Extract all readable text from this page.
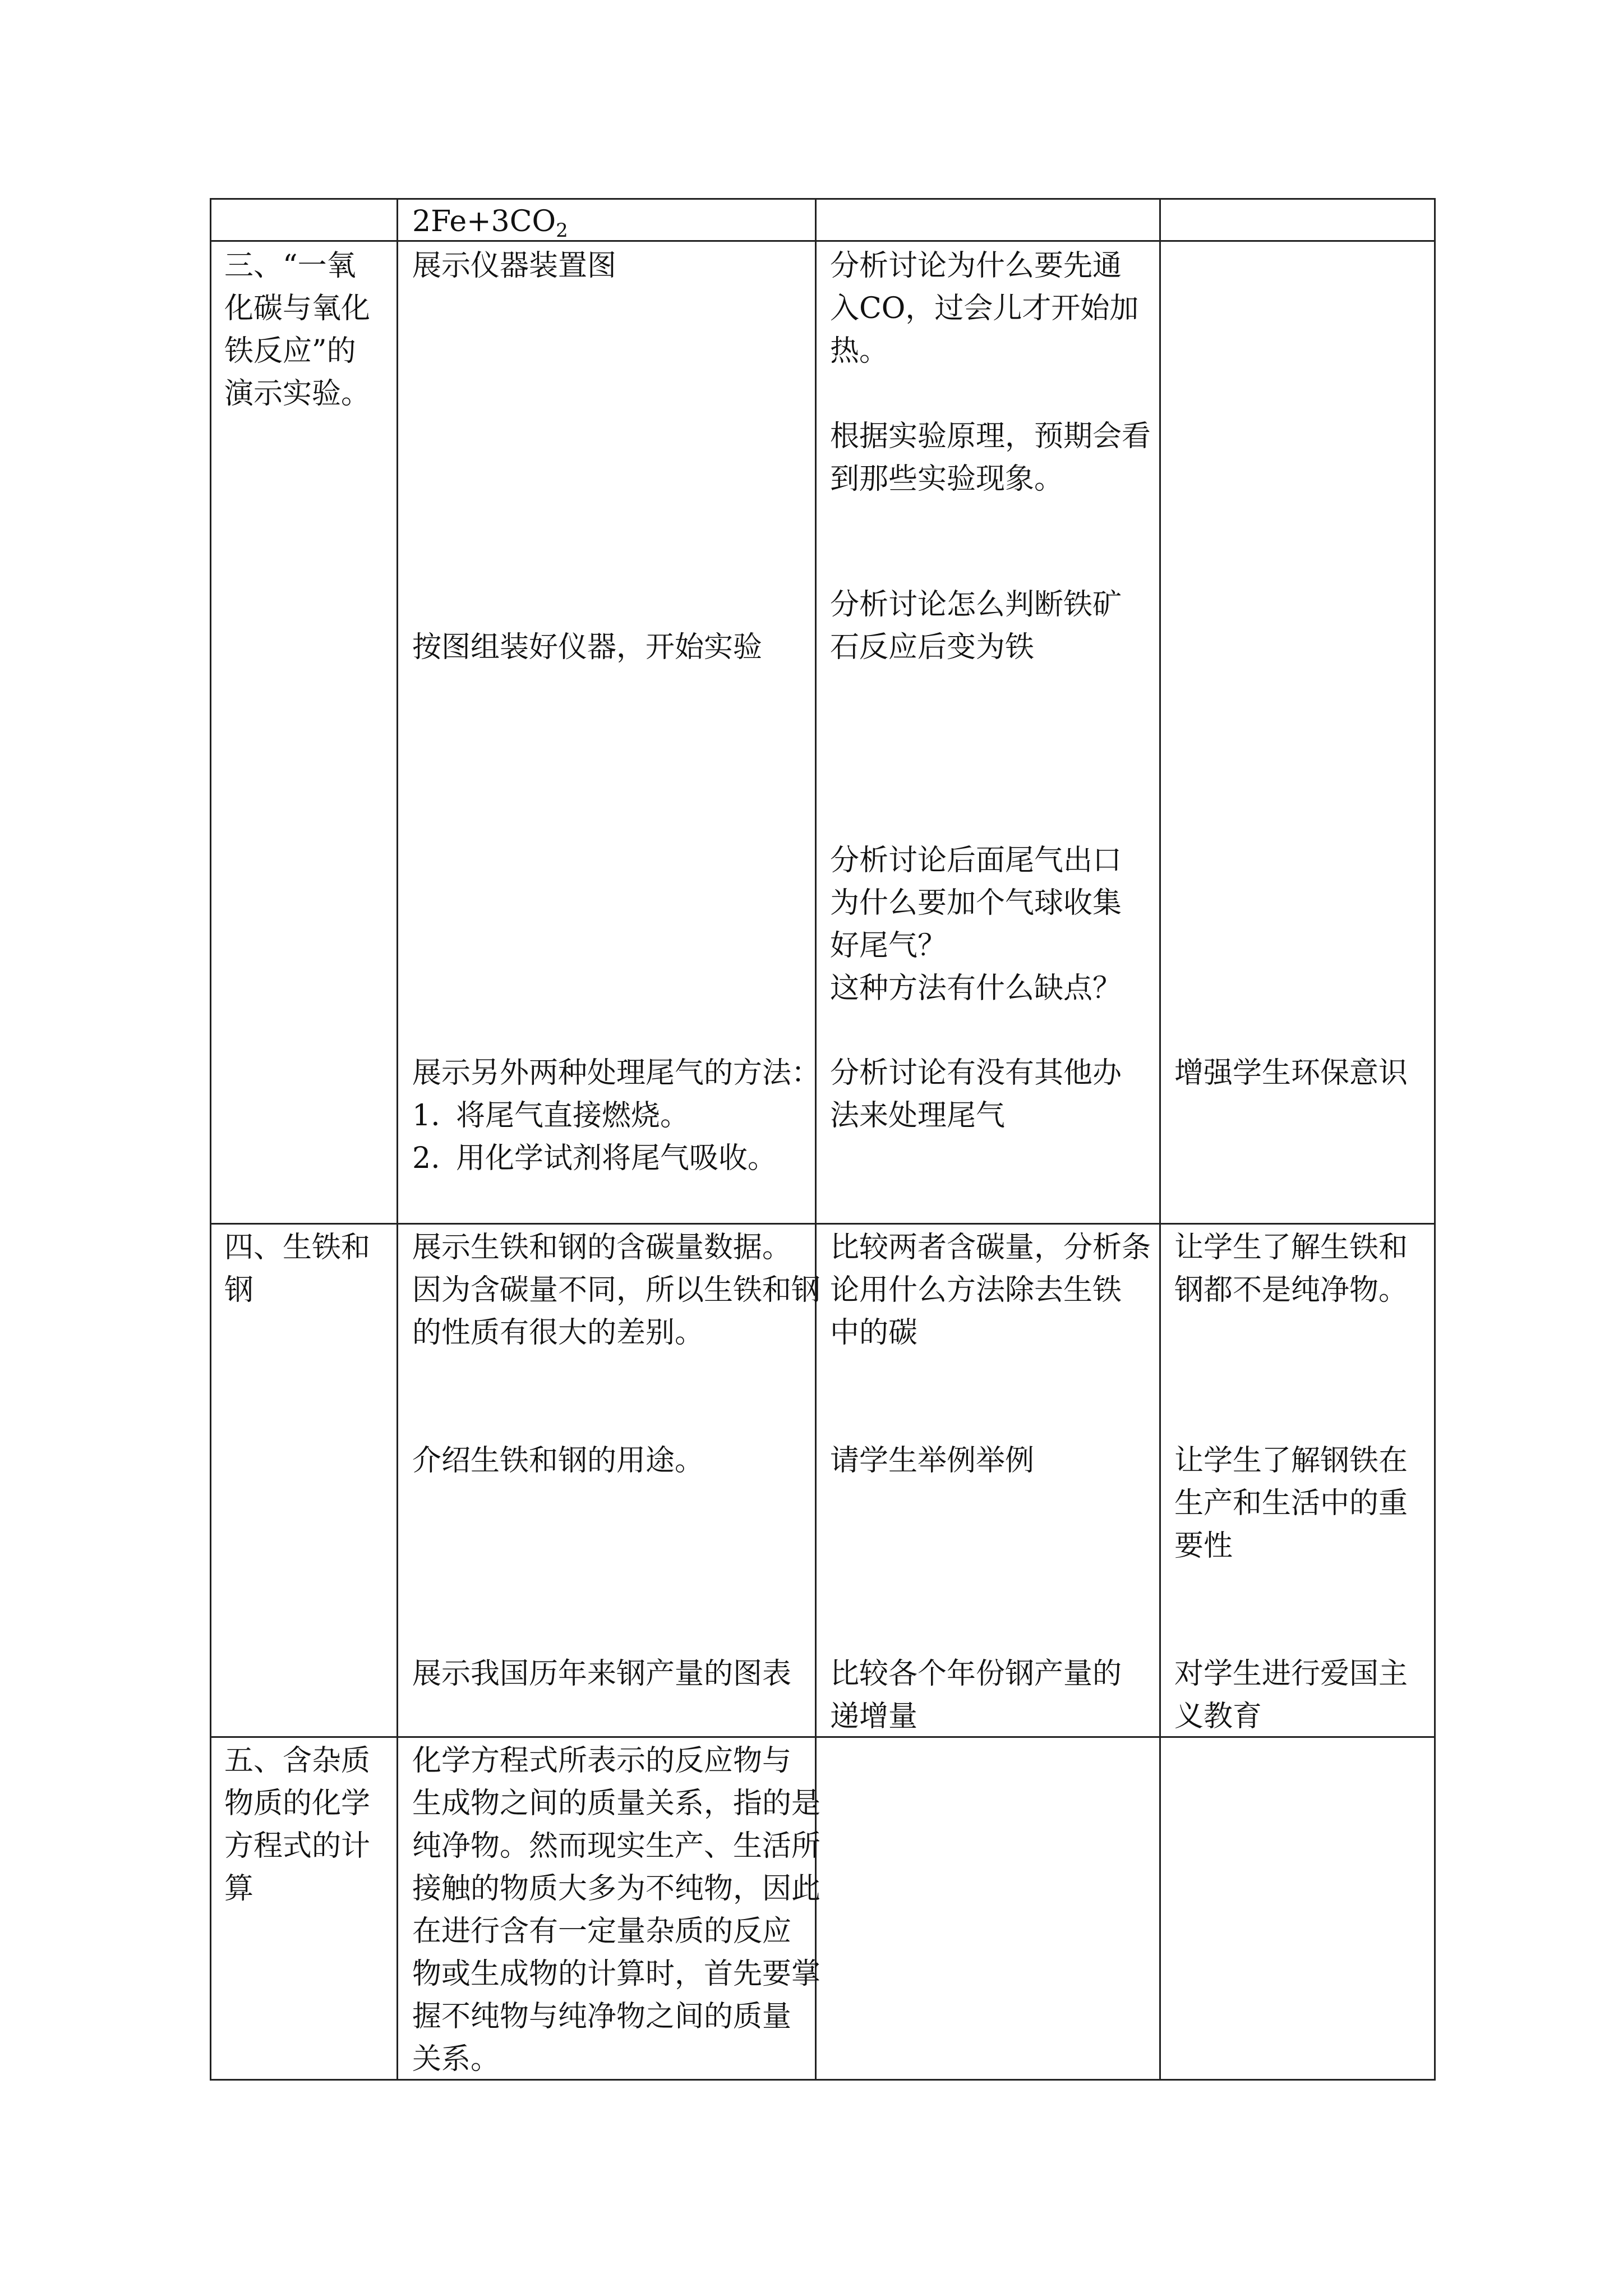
$2Fe+3CO_2$
三、“一氧
化碳与氧化
铁反应”的
演示实验。
展示仪器装置图
按图组装好仪器，开始实验
展示另外两种处理尾气的方法：
1. 将尾气直接燃烧。
2. 用化学试剂将尾气吸收。
分析讨论为什么要先通
入CO，过会儿才开始加
热。
根据实验原理，预期会看
到那些实验现象。
分析讨论怎么判断铁矿
石反应后变为铁
分析讨论后面尾气出口
为什么要加个气球收集
好尾气？
这种方法有什么缺点？
分析讨论有没有其他办
法来处理尾气
增强学生环保意识
四、生铁和
钢
展示生铁和钢的含碳量数据。
因为含碳量不同，所以生铁和钢
的性质有很大的差别。
介绍生铁和钢的用途。
展示我国历年来钢产量的图表
比较两者含碳量，分析条
论用什么方法除去生铁
中的碳
请学生举例举例
比较各个年份钢产量的
递增量
让学生了解生铁和
钢都不是纯净物。
让学生了解钢铁在
生产和生活中的重
要性
对学生进行爱国主
义教育
五、含杂质
物质的化学
方程式的计
算
化学方程式所表示的反应物与
生成物之间的质量关系，指的是
纯净物。然而现实生产、生活所
接触的物质大多为不纯物，因此
在进行含有一定量杂质的反应
物或生成物的计算时，首先要掌
握不纯物与纯净物之间的质量
关系。
